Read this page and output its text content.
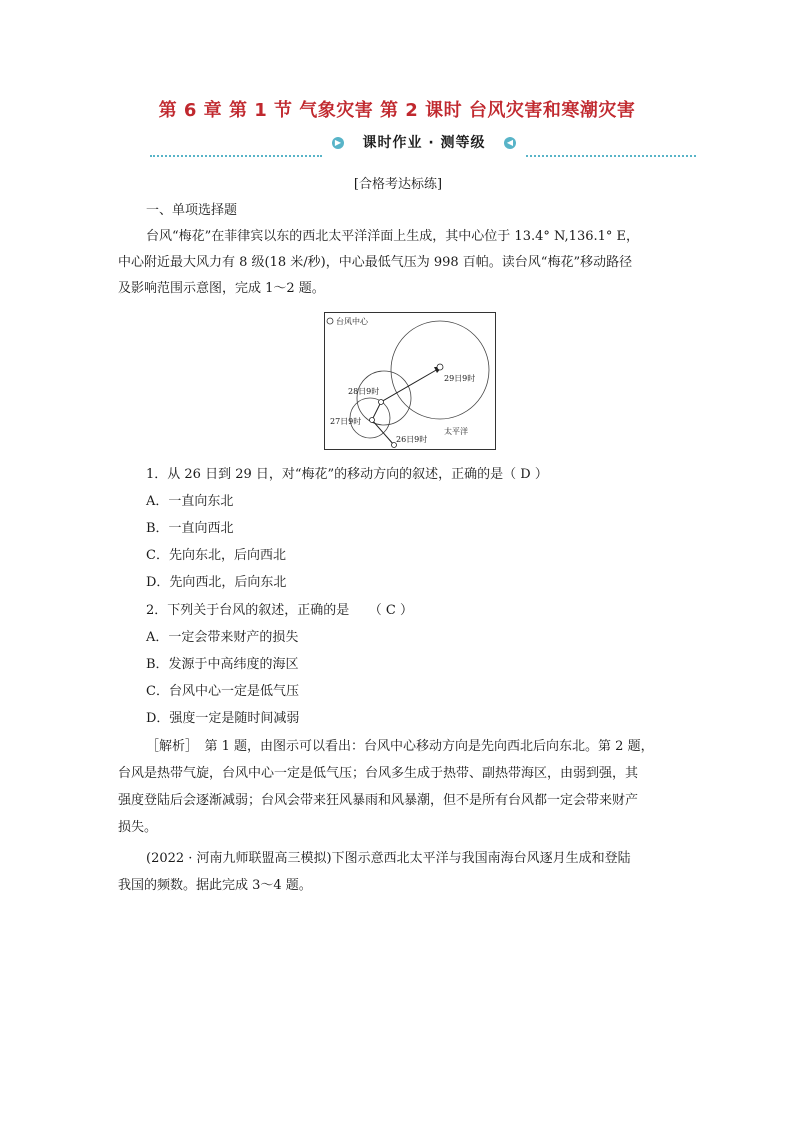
第 6 章 第 1 节 气象灾害 第 2 课时 台风灾害和寒潮灾害
▶	课时作业 · 测等级	◀
[合格考达标练]
一、单项选择题
台风“梅花”在菲律宾以东的西北太平洋洋面上生成，其中心位于 13.4° N,136.1° E，
中心附近最大风力有 8 级(18 米/秒)，中心最低气压为 998 百帕。读台风“梅花”移动路径
及影响范围示意图，完成 1～2 题。
台风中心
26日9时
27日9时
28日9时
29日9时
太平洋
1．从 26 日到 29 日，对“梅花”的移动方向的叙述，正确的是（ D ）
A．一直向东北
B．一直向西北
C．先向东北，后向西北
D．先向西北，后向东北
2．下列关于台风的叙述，正确的是　　（ C ）
A．一定会带来财产的损失
B．发源于中高纬度的海区
C．台风中心一定是低气压
D．强度一定是随时间减弱
［解析］　第 1 题，由图示可以看出：台风中心移动方向是先向西北后向东北。第 2 题，
台风是热带气旋，台风中心一定是低气压；台风多生成于热带、副热带海区，由弱到强，其
强度登陆后会逐渐减弱；台风会带来狂风暴雨和风暴潮，但不是所有台风都一定会带来财产
损失。
(2022 · 河南九师联盟高三模拟)下图示意西北太平洋与我国南海台风逐月生成和登陆
我国的频数。据此完成 3～4 题。
